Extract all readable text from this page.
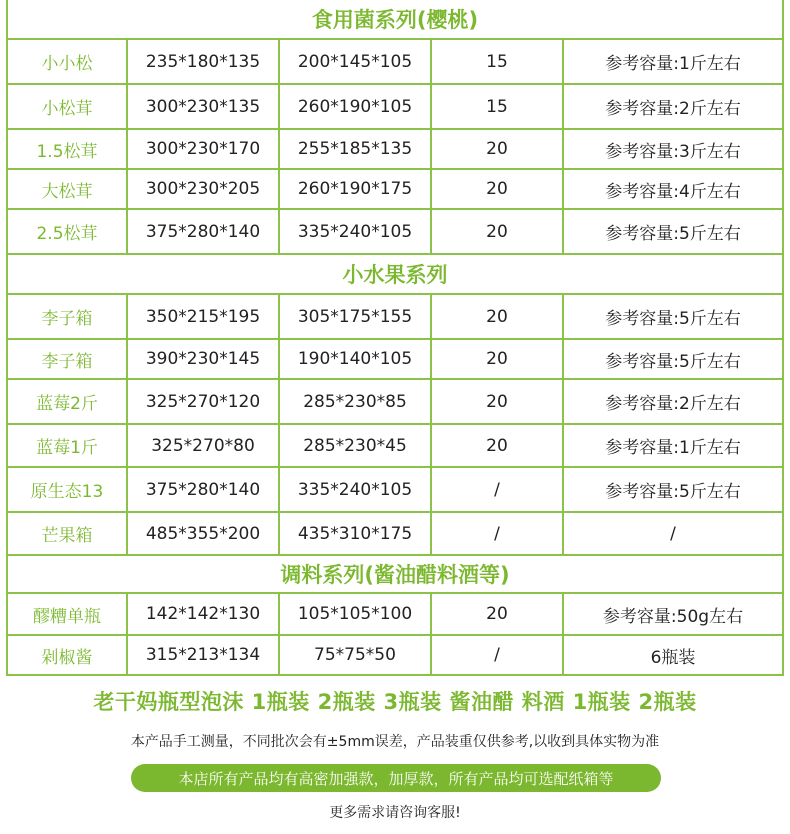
食用菌系列(樱桃)
小小松	235*180*135	200*145*105	15	参考容量:1斤左右
小松茸	300*230*135	260*190*105	15	参考容量:2斤左右
1.5松茸	300*230*170	255*185*135	20	参考容量:3斤左右
大松茸	300*230*205	260*190*175	20	参考容量:4斤左右
2.5松茸	375*280*140	335*240*105	20	参考容量:5斤左右
小水果系列
李子箱	350*215*195	305*175*155	20	参考容量:5斤左右
李子箱	390*230*145	190*140*105	20	参考容量:5斤左右
蓝莓2斤	325*270*120	285*230*85	20	参考容量:2斤左右
蓝莓1斤	325*270*80	285*230*45	20	参考容量:1斤左右
原生态13	375*280*140	335*240*105	/	参考容量:5斤左右
芒果箱	485*355*200	435*310*175	/	/
调料系列(酱油醋料酒等)
醪糟单瓶	142*142*130	105*105*100	20	参考容量:50g左右
剁椒酱	315*213*134	75*75*50	/	6瓶装
老干妈瓶型泡沫 1瓶装 2瓶装 3瓶装 酱油醋 料酒 1瓶装 2瓶装
本产品手工测量，不同批次会有±5mm误差，产品装重仅供参考,以收到具体实物为准
本店所有产品均有高密加强款，加厚款，所有产品均可选配纸箱等
更多需求请咨询客服!
